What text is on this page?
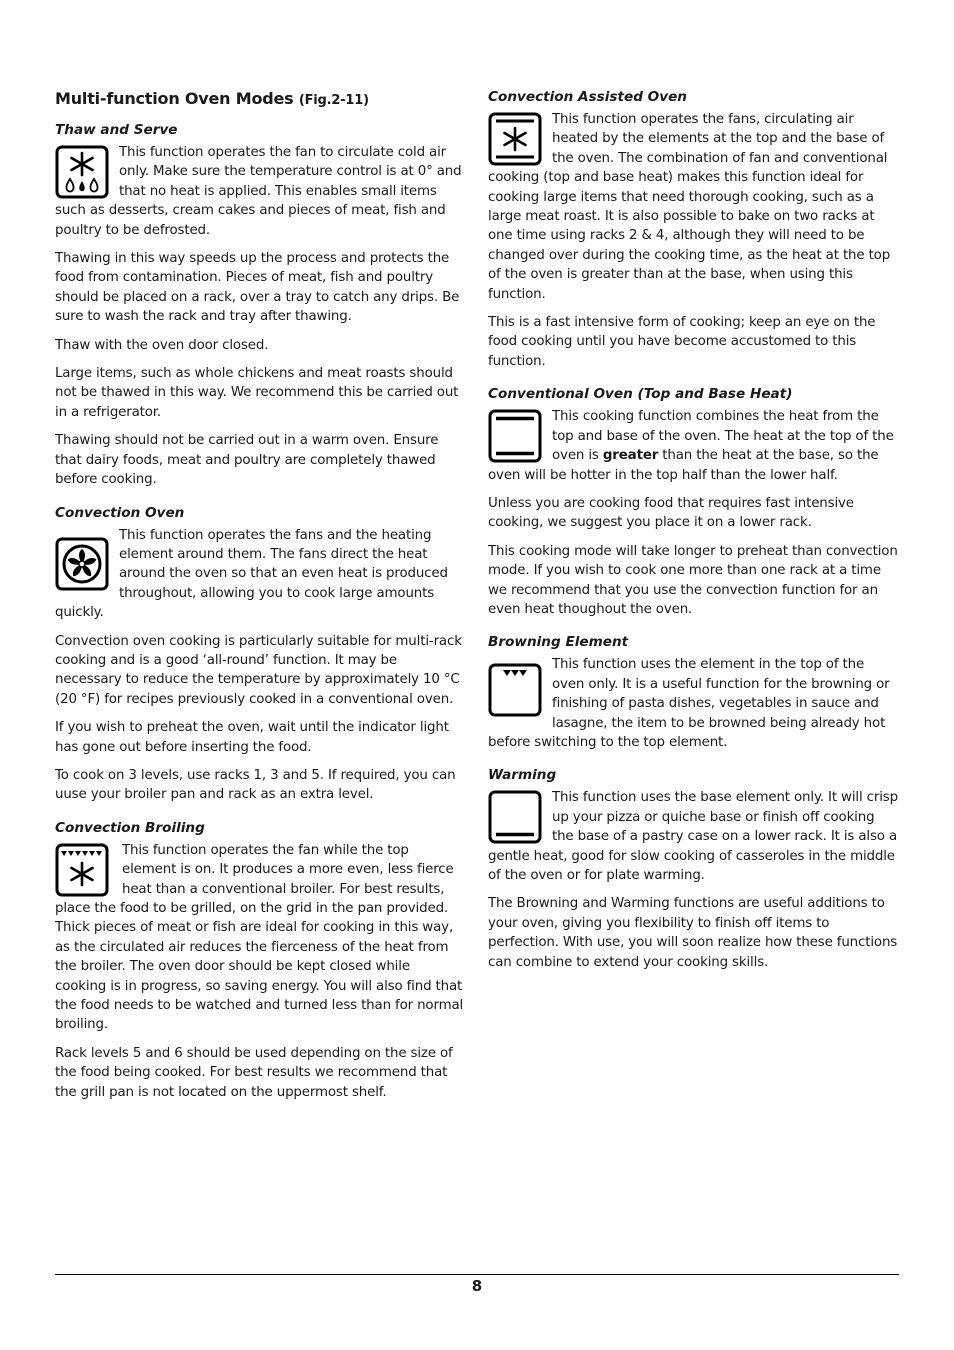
Multi-function Oven Modes (Fig.2-11)
Thaw and Serve

This function operates the fan to circulate cold air only. Make sure the temperature control is at 0° and that no heat is applied. This enables small items such as desserts, cream cakes and pieces of meat, fish and poultry to be defrosted.

Thawing in this way speeds up the process and protects the food from contamination. Pieces of meat, fish and poultry should be placed on a rack, over a tray to catch any drips. Be sure to wash the rack and tray after thawing.

Thaw with the oven door closed.

Large items, such as whole chickens and meat roasts should not be thawed in this way. We recommend this be carried out in a refrigerator.

Thawing should not be carried out in a warm oven. Ensure that dairy foods, meat and poultry are completely thawed before cooking.

Convection Oven

This function operates the fans and the heating element around them. The fans direct the heat around the oven so that an even heat is produced throughout, allowing you to cook large amounts quickly.

Convection oven cooking is particularly suitable for multi-rack cooking and is a good ‘all-round’ function. It may be necessary to reduce the temperature by approximately 10 °C (20 °F) for recipes previously cooked in a conventional oven.

If you wish to preheat the oven, wait until the indicator light has gone out before inserting the food.

To cook on 3 levels, use racks 1, 3 and 5. If required, you can uuse your broiler pan and rack as an extra level.

Convection Broiling

This function operates the fan while the top element is on. It produces a more even, less fierce heat than a conventional broiler. For best results, place the food to be grilled, on the grid in the pan provided. Thick pieces of meat or fish are ideal for cooking in this way, as the circulated air reduces the fierceness of the heat from the broiler. The oven door should be kept closed while cooking is in progress, so saving energy. You will also find that the food needs to be watched and turned less than for normal broiling.

Rack levels 5 and 6 should be used depending on the size of the food being cooked. For best results we recommend that the grill pan is not located on the uppermost shelf.

Convection Assisted Oven

This function operates the fans, circulating air heated by the elements at the top and the base of the oven. The combination of fan and conventional cooking (top and base heat) makes this function ideal for cooking large items that need thorough cooking, such as a large meat roast. It is also possible to bake on two racks at one time using racks 2 & 4, although they will need to be changed over during the cooking time, as the heat at the top of the oven is greater than at the base, when using this function.

This is a fast intensive form of cooking; keep an eye on the food cooking until you have become accustomed to this function.

Conventional Oven (Top and Base Heat)

This cooking function combines the heat from the top and base of the oven. The heat at the top of the oven is greater than the heat at the base, so the oven will be hotter in the top half than the lower half.

Unless you are cooking food that requires fast intensive cooking, we suggest you place it on a lower rack.

This cooking mode will take longer to preheat than convection mode. If you wish to cook one more than one rack at a time we recommend that you use the convection function for an even heat thoughout the oven.

Browning Element

This function uses the element in the top of the oven only. It is a useful function for the browning or finishing of pasta dishes, vegetables in sauce and lasagne, the item to be browned being already hot before switching to the top element.

Warming

This function uses the base element only. It will crisp up your pizza or quiche base or finish off cooking the base of a pastry case on a lower rack. It is also a gentle heat, good for slow cooking of casseroles in the middle of the oven or for plate warming.

The Browning and Warming functions are useful additions to your oven, giving you flexibility to finish off items to perfection. With use, you will soon realize how these functions can combine to extend your cooking skills.

8
